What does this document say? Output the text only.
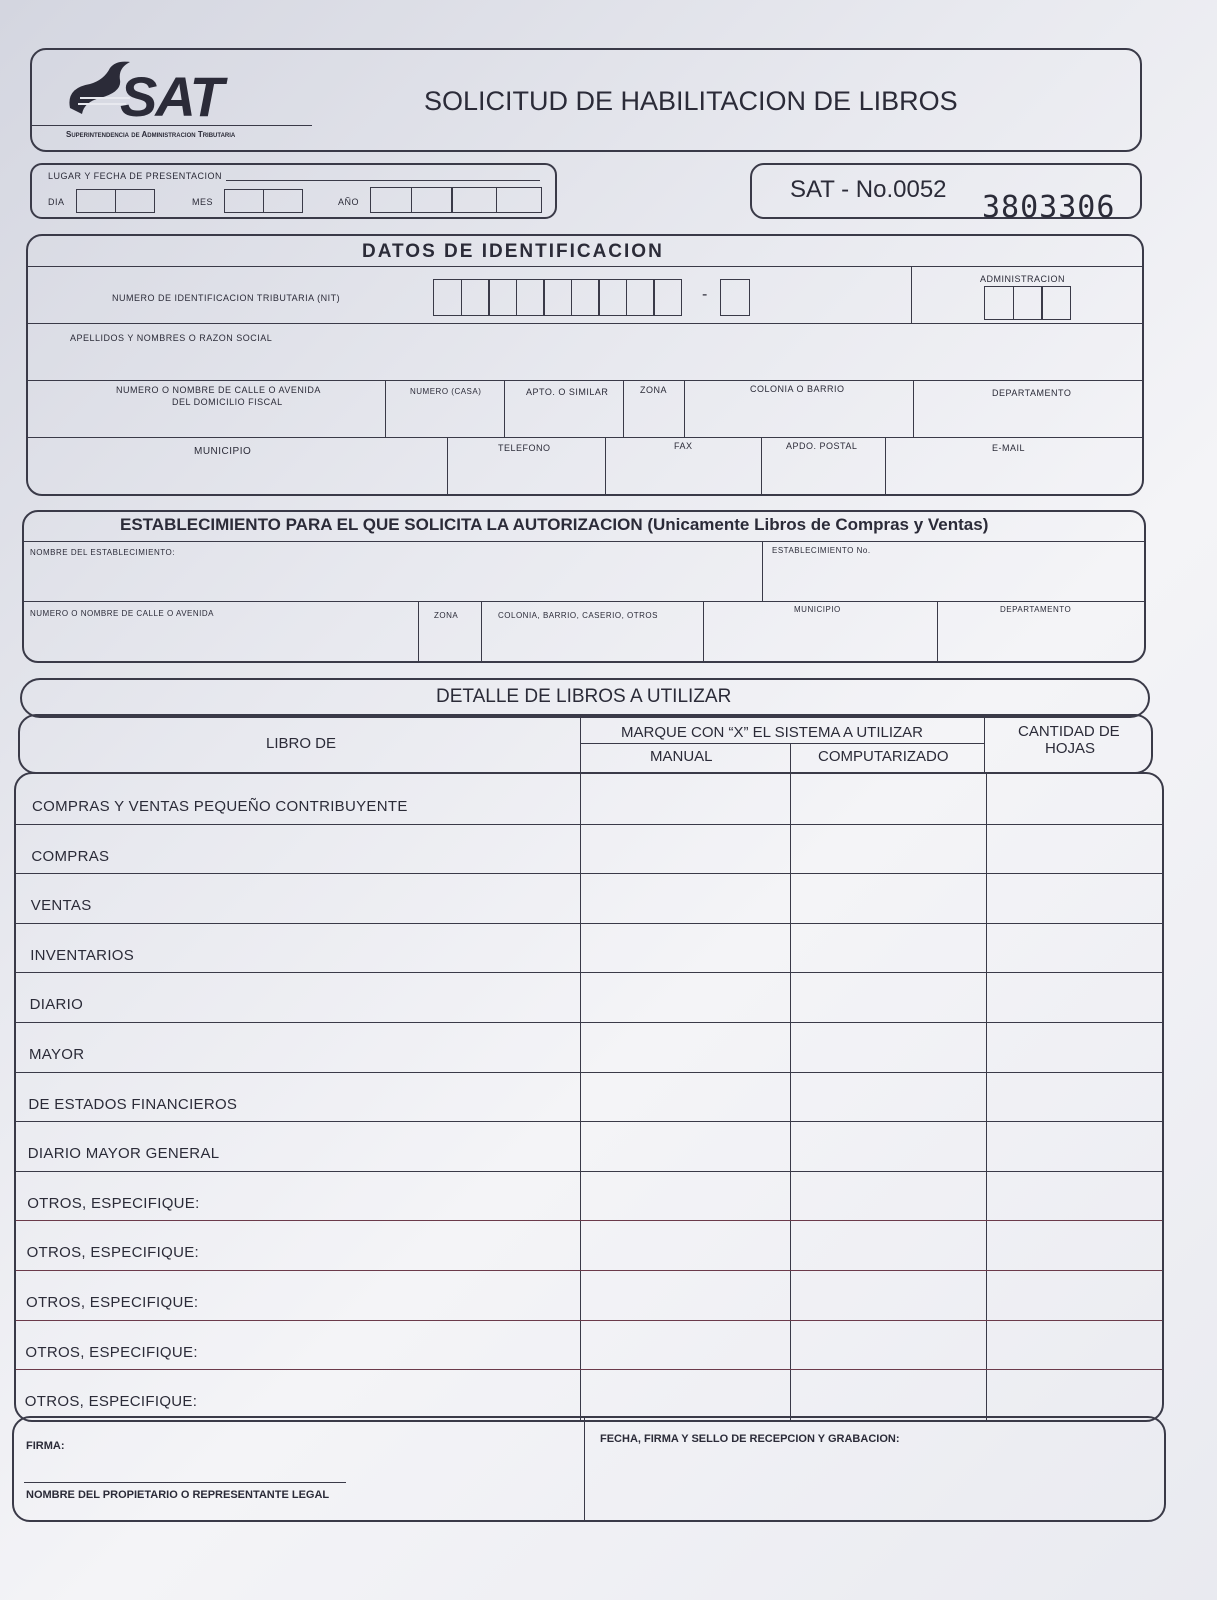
SAT
Superintendencia de Administracion Tributaria
SOLICITUD DE HABILITACION DE LIBROS
LUGAR Y FECHA DE PRESENTACION
DIA	MES	AÑO	SAT - No.0052
3803306
DATOS DE IDENTIFICACION
NUMERO DE IDENTIFICACION TRIBUTARIA (NIT)	-
ADMINISTRACION
APELLIDOS Y NOMBRES O RAZON SOCIAL
NUMERO O NOMBRE DE CALLE O AVENIDA
DEL DOMICILIO FISCAL
NUMERO (CASA)	APTO. O SIMILAR	ZONA	COLONIA O BARRIO	DEPARTAMENTO
MUNICIPIO	TELEFONO	FAX	APDO. POSTAL	E-MAIL
ESTABLECIMIENTO PARA EL QUE SOLICITA LA AUTORIZACION (Unicamente Libros de Compras y Ventas)
NOMBRE DEL ESTABLECIMIENTO:	ESTABLECIMIENTO No.
NUMERO O NOMBRE DE CALLE O AVENIDA	ZONA	COLONIA, BARRIO, CASERIO, OTROS
MUNICIPIO	DEPARTAMENTO
DETALLE DE LIBROS A UTILIZAR
LIBRO DE
MARQUE CON “X” EL SISTEMA A UTILIZAR
MANUAL	COMPUTARIZADO
CANTIDAD DE
HOJAS
COMPRAS Y VENTAS PEQUEÑO CONTRIBUYENTE
COMPRAS
VENTAS
INVENTARIOS
DIARIO
MAYOR
DE ESTADOS FINANCIEROS
DIARIO MAYOR GENERAL
OTROS, ESPECIFIQUE:
OTROS, ESPECIFIQUE:
OTROS, ESPECIFIQUE:
OTROS, ESPECIFIQUE:
OTROS, ESPECIFIQUE:
FIRMA:
NOMBRE DEL PROPIETARIO O REPRESENTANTE LEGAL
FECHA, FIRMA Y SELLO DE RECEPCION Y GRABACION:
